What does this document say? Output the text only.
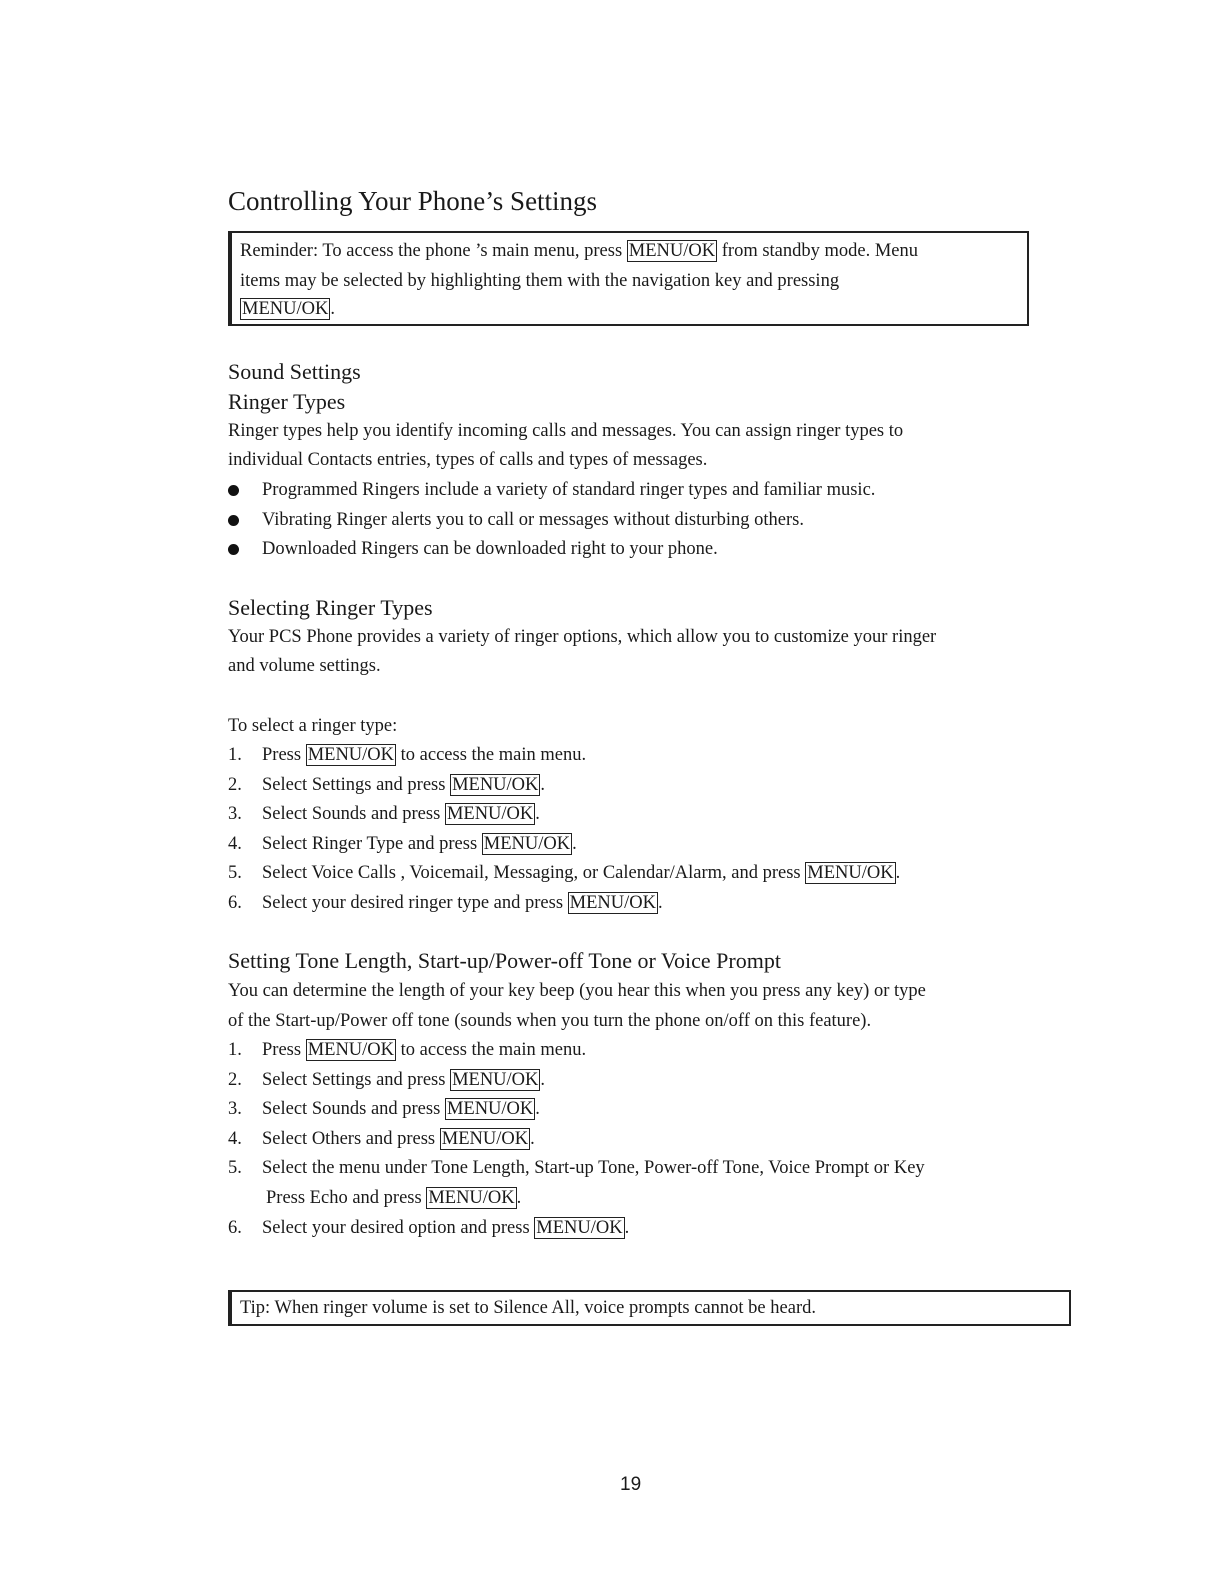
Controlling Your Phone’s Settings
Reminder: To access the phone ’s main menu, press MENU/OK from standby mode. Menu
items may be selected by highlighting them with the navigation key and pressing
MENU/OK .
Sound Settings
Ringer Types
Ringer types help you identify incoming calls and messages. You can assign ringer types to
individual Contacts entries, types of calls and types of messages.
Programmed Ringers include a variety of standard ringer types and familiar music.
Vibrating Ringer alerts you to call or messages without disturbing others.
Downloaded Ringers can be downloaded right to your phone.
Selecting Ringer Types
Your PCS Phone provides a variety of ringer options, which allow you to customize your ringer
and volume settings.
To select a ringer type:
1. Press MENU/OK to access the main menu.
2. Select Settings and press MENU/OK .
3. Select Sounds and press MENU/OK .
4. Select Ringer Type and press MENU/OK .
5. Select Voice Calls , Voicemail, Messaging, or Calendar/Alarm, and press MENU/OK .
6. Select your desired ringer type and press MENU/OK .
Setting Tone Length, Start-up/Power-off Tone or Voice Prompt
You can determine the length of your key beep (you hear this when you press any key) or type
of the Start-up/Power off tone (sounds when you turn the phone on/off on this feature).
1. Press MENU/OK to access the main menu.
2. Select Settings and press MENU/OK .
3. Select Sounds and press MENU/OK .
4. Select Others and press MENU/OK .
5. Select the menu under Tone Length, Start-up Tone, Power-off Tone, Voice Prompt or Key
Press Echo and press MENU/OK .
6. Select your desired option and press MENU/OK .
Tip: When ringer volume is set to Silence All, voice prompts cannot be heard.
19
